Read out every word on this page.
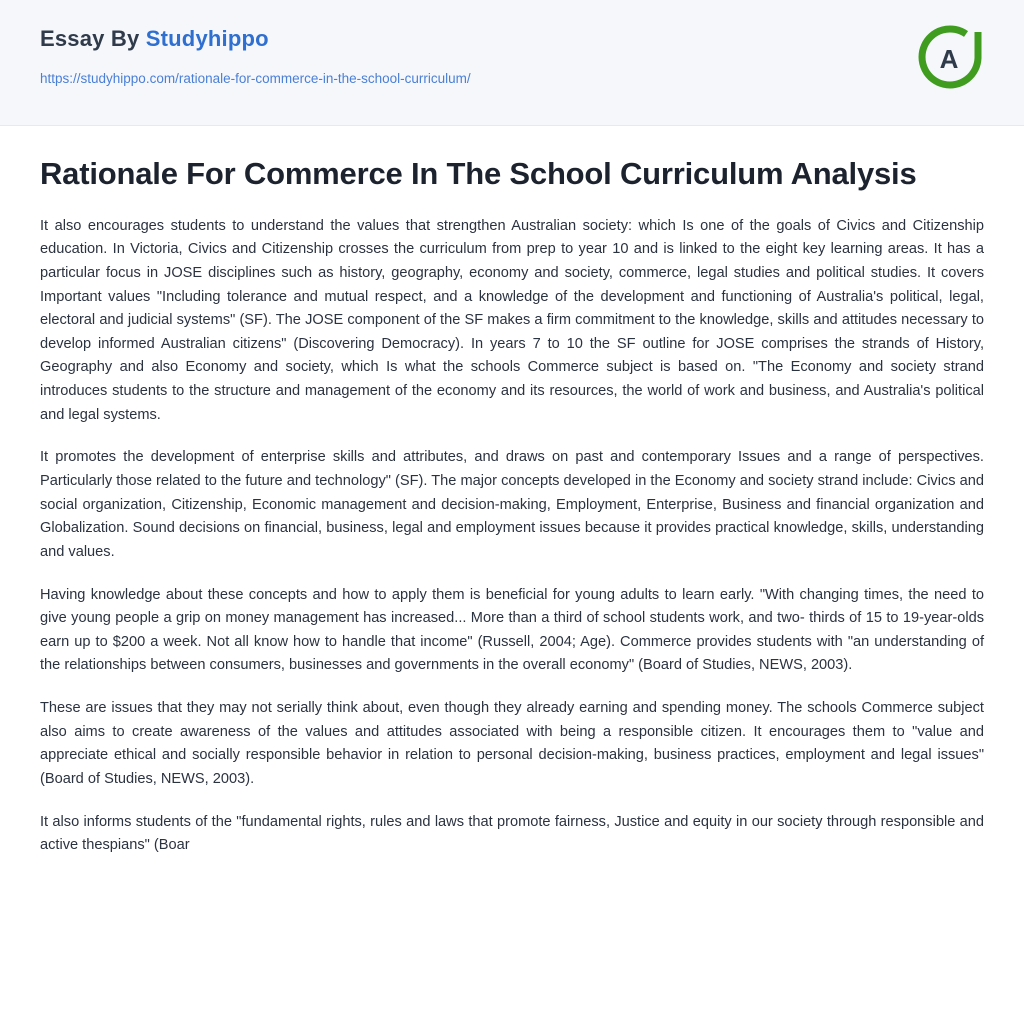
Essay By Studyhippo
https://studyhippo.com/rationale-for-commerce-in-the-school-curriculum/
A
Rationale For Commerce In The School Curriculum Analysis

It also encourages students to understand the values that strengthen Australian society: which Is one of the goals of Civics and Citizenship education. In Victoria, Civics and Citizenship crosses the curriculum from prep to year 10 and is linked to the eight key learning areas. It has a particular focus in JOSE disciplines such as history, geography, economy and society, commerce, legal studies and political studies. It covers Important values "Including tolerance and mutual respect, and a knowledge of the development and functioning of Australia's political, legal, electoral and judicial systems" (SF). The JOSE component of the SF makes a firm commitment to the knowledge, skills and attitudes necessary to develop informed Australian citizens" (Discovering Democracy). In years 7 to 10 the SF outline for JOSE comprises the strands of History, Geography and also Economy and society, which Is what the schools Commerce subject is based on. "The Economy and society strand introduces students to the structure and management of the economy and its resources, the world of work and business, and Australia's political and legal systems.

It promotes the development of enterprise skills and attributes, and draws on past and contemporary Issues and a range of perspectives. Particularly those related to the future and technology" (SF). The major concepts developed in the Economy and society strand include: Civics and social organization, Citizenship, Economic management and decision-making, Employment, Enterprise, Business and financial organization and Globalization. Sound decisions on financial, business, legal and employment issues because it provides practical knowledge, skills, understanding and values.

Having knowledge about these concepts and how to apply them is beneficial for young adults to learn early. "With changing times, the need to give young people a grip on money management has increased... More than a third of school students work, and two- thirds of 15 to 19-year-olds earn up to $200 a week. Not all know how to handle that income" (Russell, 2004; Age). Commerce provides students with "an understanding of the relationships between consumers, businesses and governments in the overall economy" (Board of Studies, NEWS, 2003).

These are issues that they may not serially think about, even though they already earning and spending money. The schools Commerce subject also aims to create awareness of the values and attitudes associated with being a responsible citizen. It encourages them to "value and appreciate ethical and socially responsible behavior in relation to personal decision-making, business practices, employment and legal issues" (Board of Studies, NEWS, 2003).

It also informs students of the "fundamental rights, rules and laws that promote fairness, Justice and equity in our society through responsible and active thespians" (Boar
